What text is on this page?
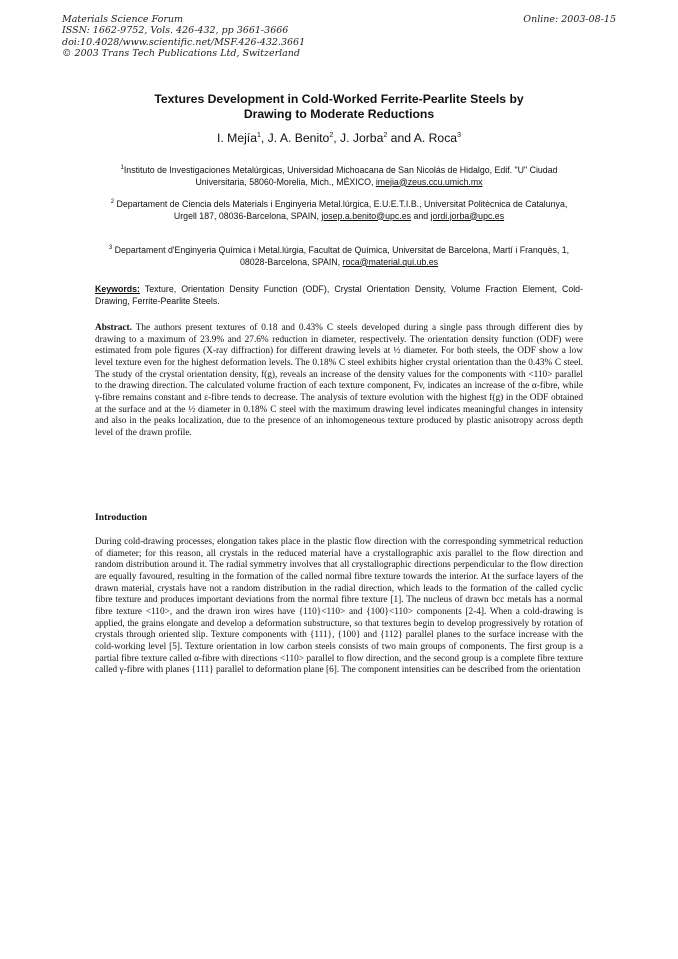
Materials Science Forum
ISSN: 1662-9752, Vols. 426-432, pp 3661-3666
doi:10.4028/www.scientific.net/MSF.426-432.3661
© 2003 Trans Tech Publications Ltd, Switzerland
Online: 2003-08-15
Textures Development in Cold-Worked Ferrite-Pearlite Steels by
Drawing to Moderate Reductions
I. Mejía$^1$, J. A. Benito$^2$, J. Jorba$^2$ and A. Roca$^3$
$^1$Instituto de Investigaciones Metalúrgicas, Universidad Michoacana de San Nicolás de Hidalgo, Edif. "U" Ciudad Universitaria, 58060-Morelia, Mich., MÉXICO, imejia@zeus.ccu.umich.mx
$^2$ Departament de Ciencia dels Materials i Enginyeria Metal.lúrgica, E.U.E.T.I.B., Universitat Politècnica de Catalunya, Urgell 187, 08036-Barcelona, SPAIN, josep.a.benito@upc.es and jordi.jorba@upc.es
$^3$ Departament d'Enginyeria Química i Metal.lúrgia, Facultat de Química, Universitat de Barcelona, Martí i Franquès, 1, 08028-Barcelona, SPAIN, roca@material.qui.ub.es
Keywords: Texture, Orientation Density Function (ODF), Crystal Orientation Density, Volume Fraction Element, Cold-Drawing, Ferrite-Pearlite Steels.
Abstract. The authors present textures of 0.18 and 0.43% C steels developed during a single pass through different dies by drawing to a maximum of 23.9% and 27.6% reduction in diameter, respectively. The orientation density function (ODF) were estimated from pole figures (X-ray diffraction) for different drawing levels at ½ diameter. For both steels, the ODF show a low level texture even for the highest deformation levels. The 0.18% C steel exhibits higher crystal orientation than the 0.43% C steel. The study of the crystal orientation density, f(g), reveals an increase of the density values for the components with <110> parallel to the drawing direction. The calculated volume fraction of each texture component, Fv, indicates an increase of the α-fibre, while γ-fibre remains constant and ε-fibre tends to decrease. The analysis of texture evolution with the highest f(g) in the ODF obtained at the surface and at the ½ diameter in 0.18% C steel with the maximum drawing level indicates meaningful changes in intensity and also in the peaks localization, due to the presence of an inhomogeneous texture produced by plastic anisotropy across depth level of the drawn profile.
Introduction
During cold-drawing processes, elongation takes place in the plastic flow direction with the corresponding symmetrical reduction of diameter; for this reason, all crystals in the reduced material have a crystallographic axis parallel to the flow direction and random distribution around it. The radial symmetry involves that all crystallographic directions perpendicular to the flow direction are equally favoured, resulting in the formation of the called normal fibre texture towards the interior. At the surface layers of the drawn material, crystals have not a random distribution in the radial direction, which leads to the formation of the called cyclic fibre texture and produces important deviations from the normal fibre texture [1]. The nucleus of drawn bcc metals has a normal fibre texture <110>, and the drawn iron wires have {110}<110> and {100}<110> components [2-4]. When a cold-drawing is applied, the grains elongate and develop a deformation substructure, so that textures begin to develop progressively by rotation of crystals through oriented slip. Texture components with {111}, {100} and {112} parallel planes to the surface increase with the cold-working level [5]. Texture orientation in low carbon steels consists of two main groups of components. The first group is a partial fibre texture called α-fibre with directions <110> parallel to flow direction, and the second group is a complete fibre texture called γ-fibre with planes {111} parallel to deformation plane [6]. The component intensities can be described from the orientation
